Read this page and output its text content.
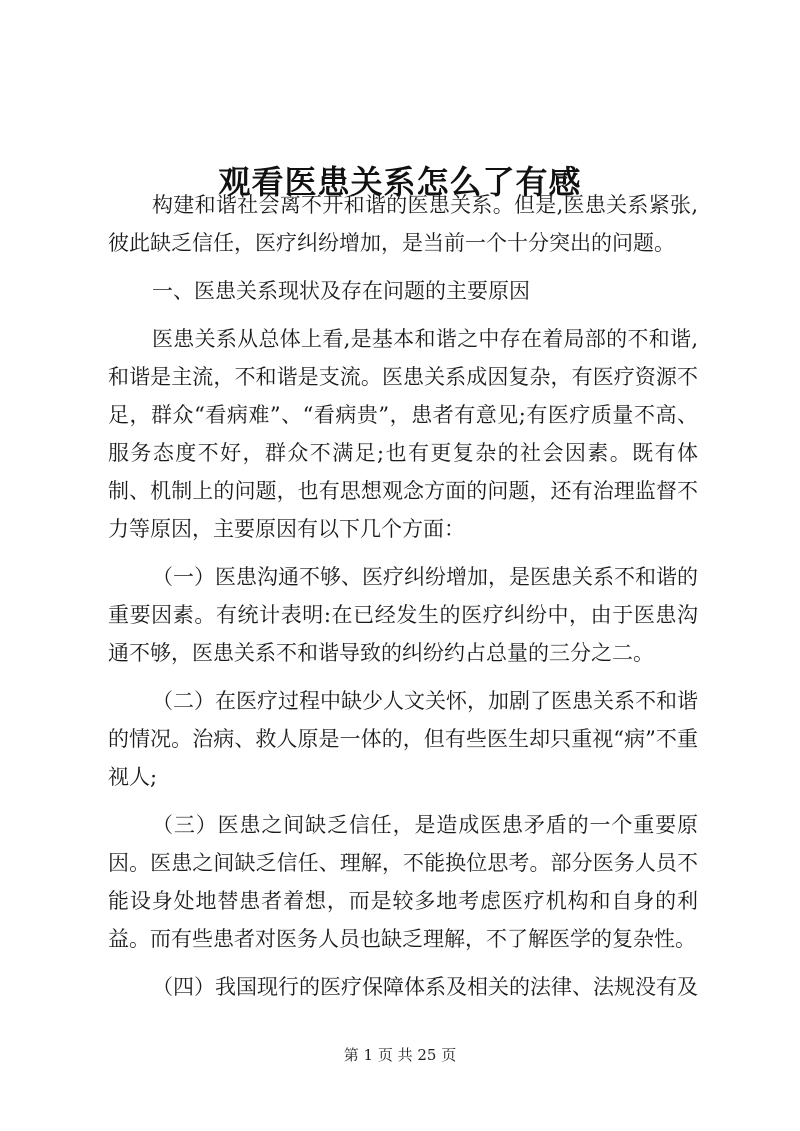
观看医患关系怎么了有感

构建和谐社会离不开和谐的医患关系。但是,医患关系紧张,彼此缺乏信任，医疗纠纷增加，是当前一个十分突出的问题。

一、医患关系现状及存在问题的主要原因

医患关系从总体上看,是基本和谐之中存在着局部的不和谐,和谐是主流，不和谐是支流。医患关系成因复杂，有医疗资源不足，群众“看病难”、“看病贵”，患者有意见;有医疗质量不高、服务态度不好，群众不满足;也有更复杂的社会因素。既有体制、机制上的问题，也有思想观念方面的问题，还有治理监督不力等原因，主要原因有以下几个方面：

（一）医患沟通不够、医疗纠纷增加，是医患关系不和谐的重要因素。有统计表明:在已经发生的医疗纠纷中，由于医患沟通不够，医患关系不和谐导致的纠纷约占总量的三分之二。

（二）在医疗过程中缺少人文关怀，加剧了医患关系不和谐的情况。治病、救人原是一体的，但有些医生却只重视“病”不重视人;

（三）医患之间缺乏信任，是造成医患矛盾的一个重要原因。医患之间缺乏信任、理解，不能换位思考。部分医务人员不能设身处地替患者着想，而是较多地考虑医疗机构和自身的利益。而有些患者对医务人员也缺乏理解，不了解医学的复杂性。

（四）我国现行的医疗保障体系及相关的法律、法规没有及

第 1 页 共 25 页
